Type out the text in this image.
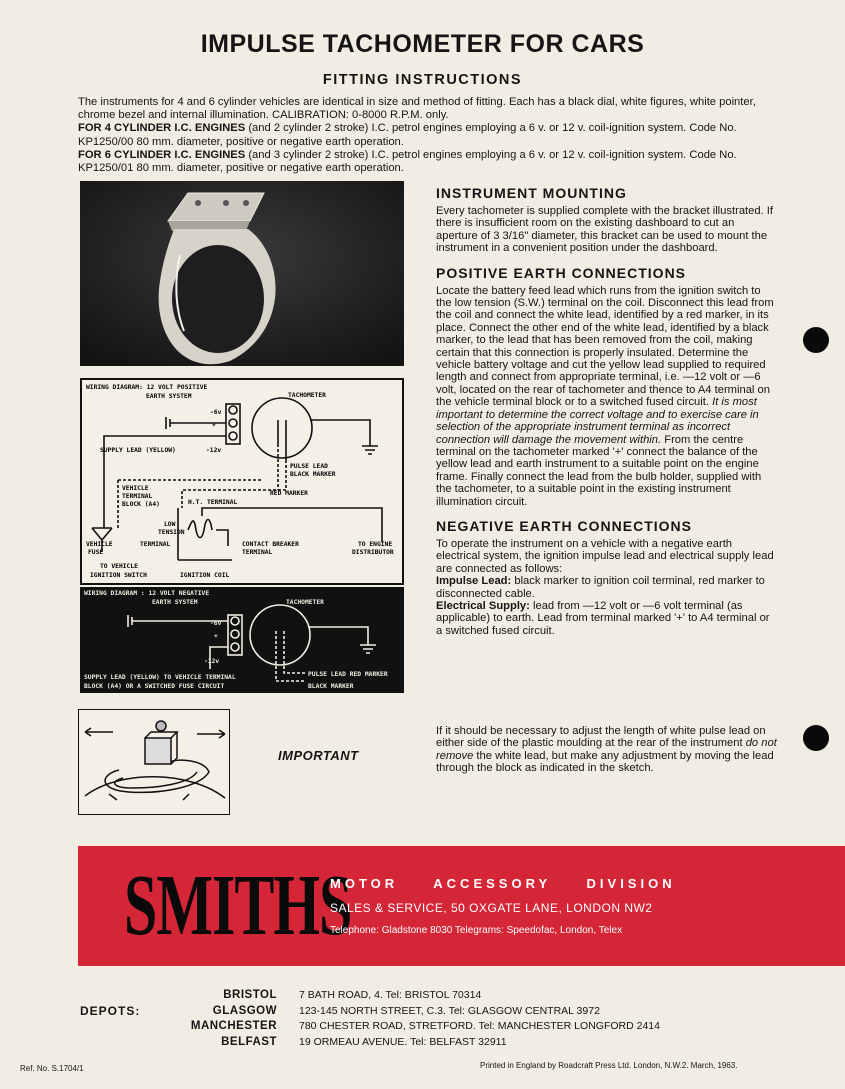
IMPULSE TACHOMETER FOR CARS
FITTING INSTRUCTIONS

The instruments for 4 and 6 cylinder vehicles are identical in size and method of fitting. Each has a black dial, white figures, white pointer, chrome bezel and internal illumination. CALIBRATION: 0-8000 R.P.M. only.

FOR 4 CYLINDER I.C. ENGINES (and 2 cylinder 2 stroke) I.C. petrol engines employing a 6 v. or 12 v. coil-ignition system. Code No. KP1250/00 80 mm. diameter, positive or negative earth operation.

FOR 6 CYLINDER I.C. ENGINES (and 3 cylinder 2 stroke) I.C. petrol engines employing a 6 v. or 12 v. coil-ignition system. Code No. KP1250/01 80 mm. diameter, positive or negative earth operation.

WIRING DIAGRAM: 12 VOLT POSITIVE
EARTH SYSTEM	TACHOMETER
-6v
+
-12v
SUPPLY LEAD (YELLOW)
PULSE LEAD
BLACK MARKER
RED MARKER
VEHICLE
TERMINAL
BLOCK (A4)	H.T. TERMINAL
LOW
TENSION
TERMINAL	CONTACT BREAKER
TERMINAL
VEHICLE
FUSE
TO VEHICLE
IGNITION SWITCH	IGNITION COIL
TO ENGINE
DISTRIBUTOR
WIRING DIAGRAM : 12 VOLT NEGATIVE
EARTH SYSTEM	TACHOMETER
-6v
+
-12v
SUPPLY LEAD (YELLOW) TO VEHICLE TERMINAL
BLOCK (A4) OR A SWITCHED FUSE CIRCUIT
PULSE LEAD RED MARKER
BLACK MARKER
INSTRUMENT MOUNTING

Every tachometer is supplied complete with the bracket illustrated. If there is insufficient room on the existing dashboard to cut an aperture of 3 3/16" diameter, this bracket can be used to mount the instrument in a convenient position under the dashboard.

POSITIVE EARTH CONNECTIONS

Locate the battery feed lead which runs from the ignition switch to the low tension (S.W.) terminal on the coil. Disconnect this lead from the coil and connect the white lead, identified by a red marker, in its place. Connect the other end of the white lead, identified by a black marker, to the lead that has been removed from the coil, making certain that this connection is properly insulated. Determine the vehicle battery voltage and cut the yellow lead supplied to required length and connect from appropriate terminal, i.e. —12 volt or —6 volt, located on the rear of tachometer and thence to A4 terminal on the vehicle terminal block or to a switched fused circuit. It is most important to determine the correct voltage and to exercise care in selection of the appropriate instrument terminal as incorrect connection will damage the movement within. From the centre terminal on the tachometer marked '+' connect the balance of the yellow lead and earth instrument to a suitable point on the engine frame. Finally connect the lead from the bulb holder, supplied with the tachometer, to a suitable point in the existing instrument illumination circuit.

NEGATIVE EARTH CONNECTIONS

To operate the instrument on a vehicle with a negative earth electrical system, the ignition impulse lead and electrical supply lead are connected as follows:

Impulse Lead: black marker to ignition coil terminal, red marker to disconnected cable.

Electrical Supply: lead from —12 volt or —6 volt terminal (as applicable) to earth. Lead from terminal marked '+' to A4 terminal or a switched fused circuit.

IMPORTANT

If it should be necessary to adjust the length of white pulse lead on either side of the plastic moulding at the rear of the instrument do not remove the white lead, but make any adjustment by moving the lead through the block as indicated in the sketch.

SMITHS
MOTOR ACCESSORY DIVISION
SALES & SERVICE, 50 OXGATE LANE, LONDON NW2
Telephone: Gladstone 8030 Telegrams: Speedofac, London, Telex
DEPOTS:
BRISTOL 7 BATH ROAD, 4. Tel: BRISTOL 70314
GLASGOW 123-145 NORTH STREET, C.3. Tel: GLASGOW CENTRAL 3972
MANCHESTER 780 CHESTER ROAD, STRETFORD. Tel: MANCHESTER LONGFORD 2414
BELFAST 19 ORMEAU AVENUE. Tel: BELFAST 32911
Ref. No. S.1704/1	Printed in England by Roadcraft Press Ltd. London, N.W.2. March, 1963.
